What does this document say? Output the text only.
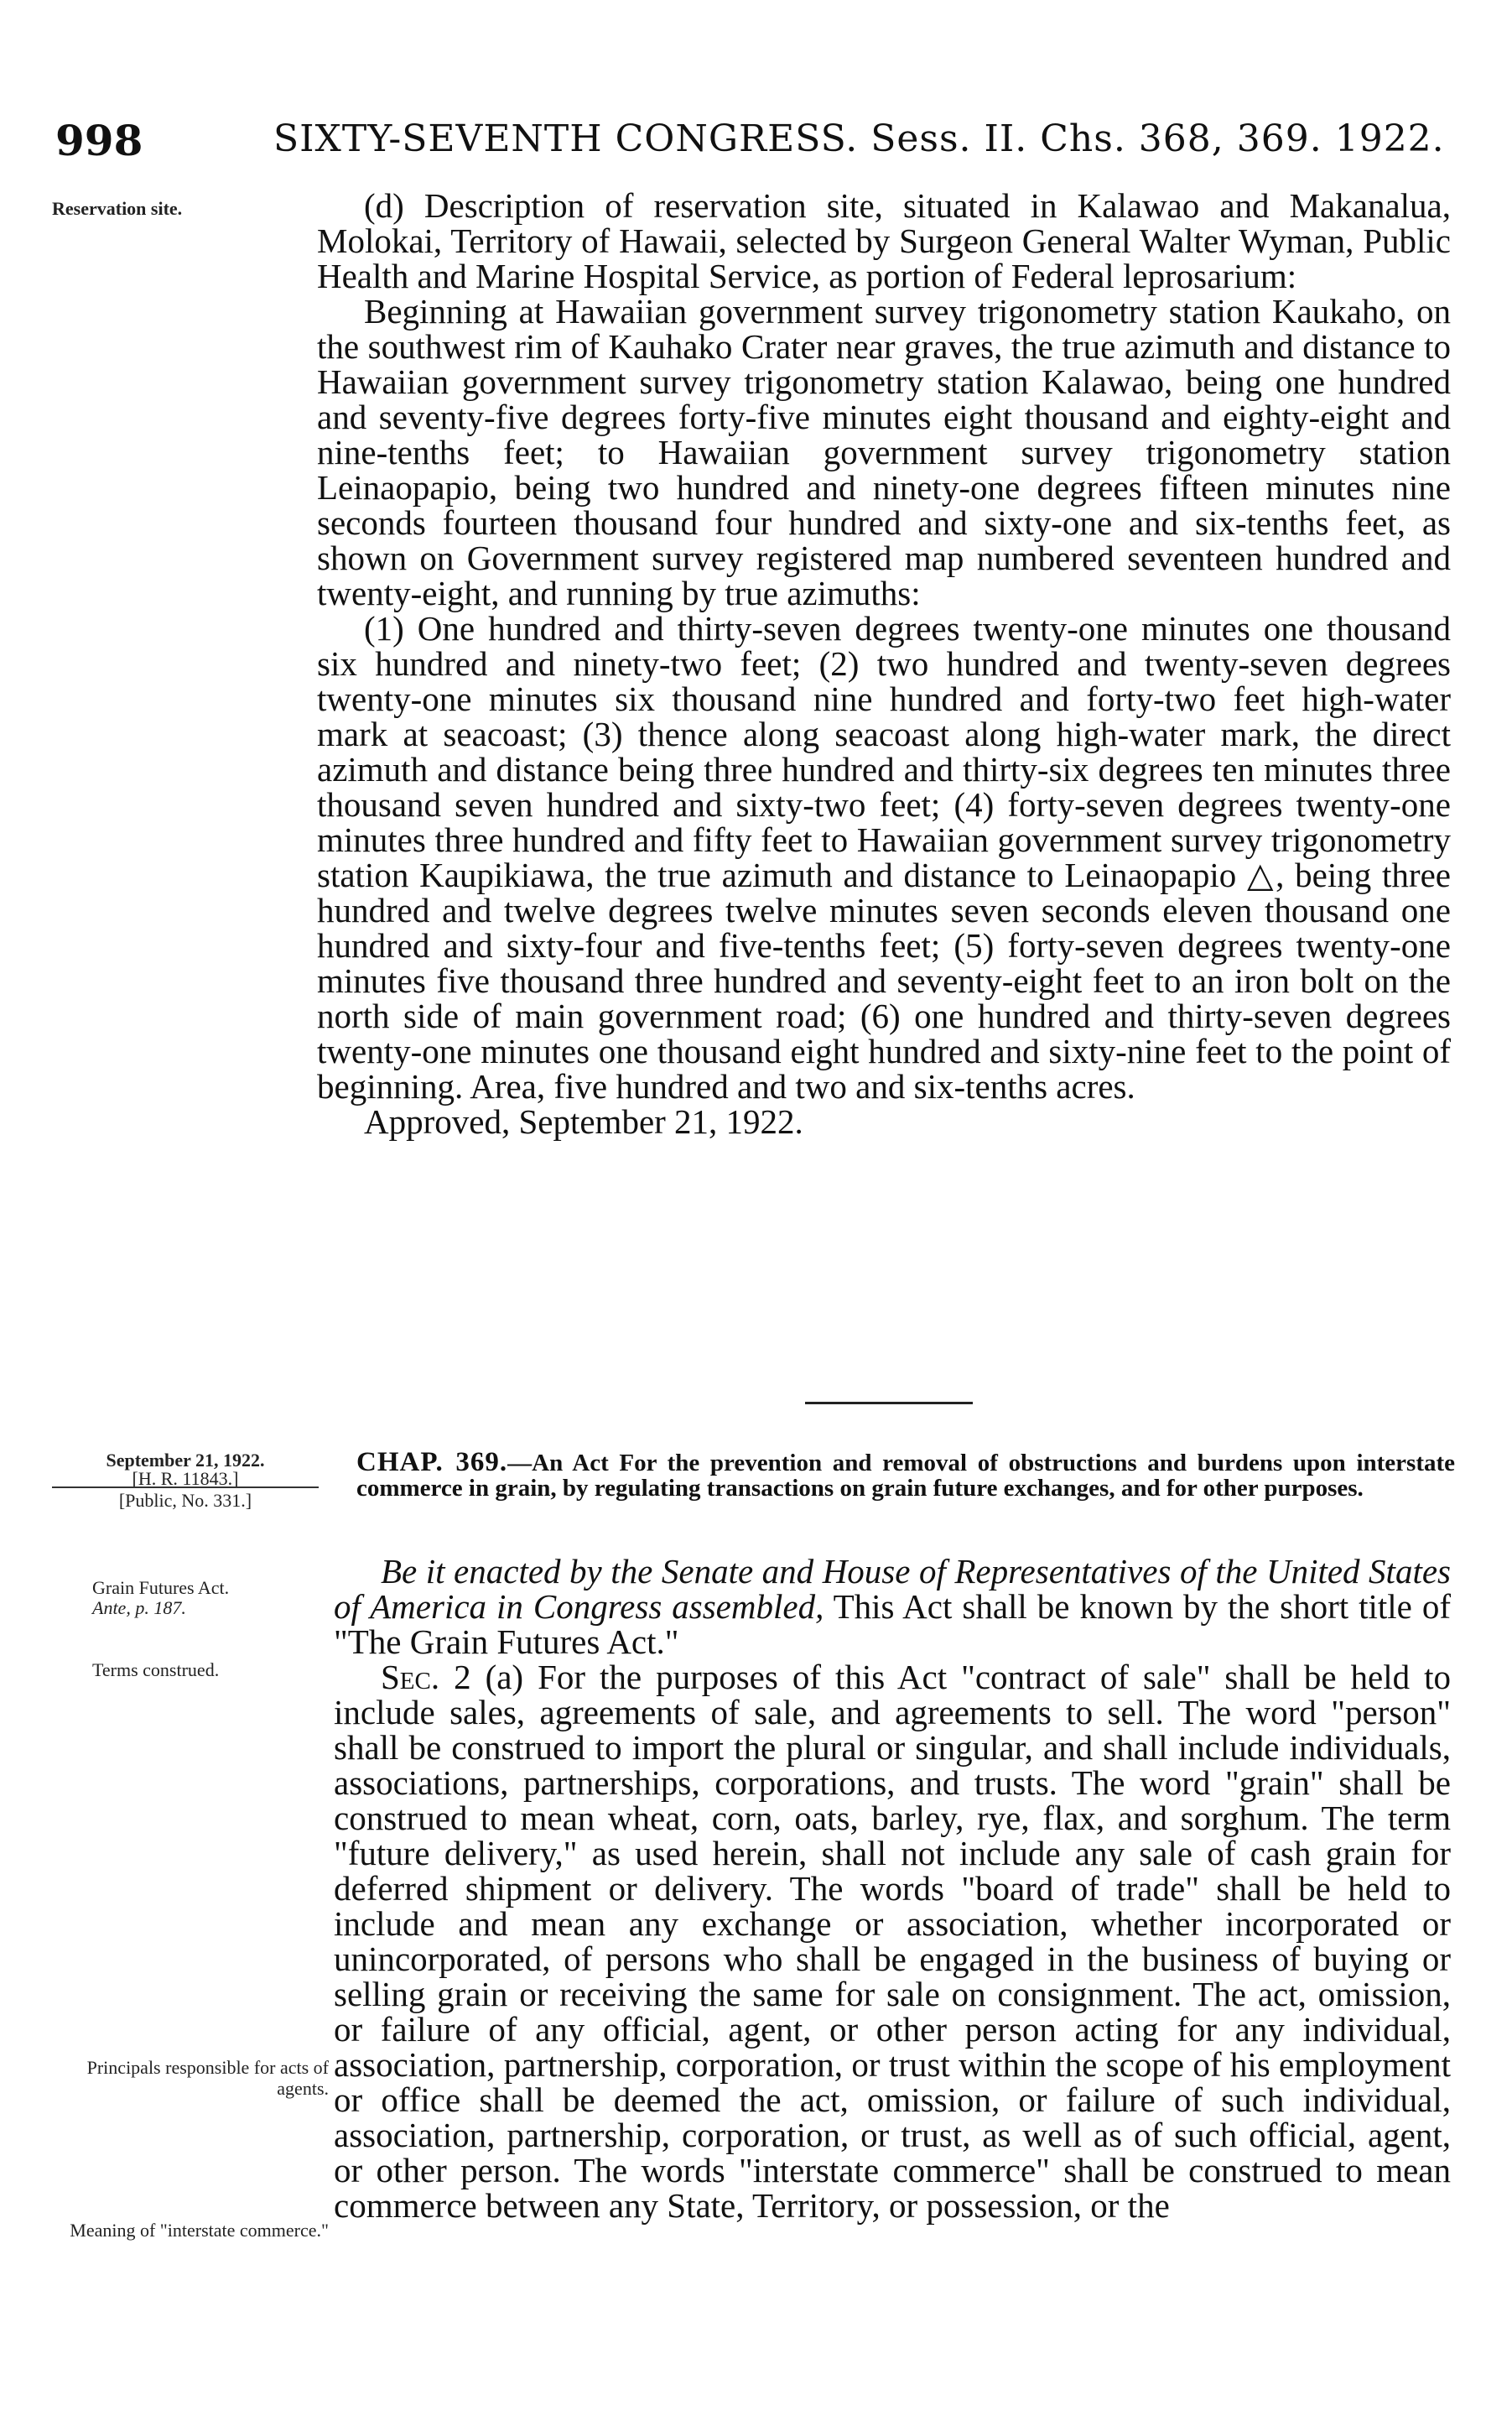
998	SIXTY-SEVENTH CONGRESS. Sess. II. Chs. 368, 369. 1922.
Reservation site.
September 21, 1922.
[H. R. 11843.]
[Public, No. 331.]
Grain Futures Act.
Ante, p. 187.
Terms construed.
Principals responsible for acts of agents.
Meaning of "interstate commerce."

(d) Description of reservation site, situated in Kalawao and Makanalua, Molokai, Territory of Hawaii, selected by Surgeon General Walter Wyman, Public Health and Marine Hospital Service, as portion of Federal leprosarium:

Beginning at Hawaiian government survey trigonometry station Kaukaho, on the southwest rim of Kauhako Crater near graves, the true azimuth and distance to Hawaiian government survey trigonometry station Kalawao, being one hundred and seventy-five degrees forty-five minutes eight thousand and eighty-eight and nine-tenths feet; to Hawaiian government survey trigonometry station Leinaopapio, being two hundred and ninety-one degrees fifteen minutes nine seconds fourteen thousand four hundred and sixty-one and six-tenths feet, as shown on Government survey registered map numbered seventeen hundred and twenty-eight, and running by true azimuths:

(1) One hundred and thirty-seven degrees twenty-one minutes one thousand six hundred and ninety-two feet; (2) two hundred and twenty-seven degrees twenty-one minutes six thousand nine hundred and forty-two feet high-water mark at seacoast; (3) thence along seacoast along high-water mark, the direct azimuth and distance being three hundred and thirty-six degrees ten minutes three thousand seven hundred and sixty-two feet; (4) forty-seven degrees twenty-one minutes three hundred and fifty feet to Hawaiian government survey trigonometry station Kaupikiawa, the true azimuth and distance to Leinaopapio △, being three hundred and twelve degrees twelve minutes seven seconds eleven thousand one hundred and sixty-four and five-tenths feet; (5) forty-seven degrees twenty-one minutes five thousand three hundred and seventy-eight feet to an iron bolt on the north side of main government road; (6) one hundred and thirty-seven degrees twenty-one minutes one thousand eight hundred and sixty-nine feet to the point of beginning. Area, five hundred and two and six-tenths acres.

Approved, September 21, 1922.

CHAP. 369.—An Act For the prevention and removal of obstructions and burdens upon interstate commerce in grain, by regulating transactions on grain future exchanges, and for other purposes.

Be it enacted by the Senate and House of Representatives of the United States of America in Congress assembled, This Act shall be known by the short title of "The Grain Futures Act."

Sec. 2 (a) For the purposes of this Act "contract of sale" shall be held to include sales, agreements of sale, and agreements to sell. The word "person" shall be construed to import the plural or singular, and shall include individuals, associations, partnerships, corporations, and trusts. The word "grain" shall be construed to mean wheat, corn, oats, barley, rye, flax, and sorghum. The term "future delivery," as used herein, shall not include any sale of cash grain for deferred shipment or delivery. The words "board of trade" shall be held to include and mean any exchange or association, whether incorporated or unincorporated, of persons who shall be engaged in the business of buying or selling grain or receiving the same for sale on consignment. The act, omission, or failure of any official, agent, or other person acting for any individual, association, partnership, corporation, or trust within the scope of his employment or office shall be deemed the act, omission, or failure of such individual, association, partnership, corporation, or trust, as well as of such official, agent, or other person. The words "interstate commerce" shall be construed to mean commerce between any State, Territory, or possession, or the
